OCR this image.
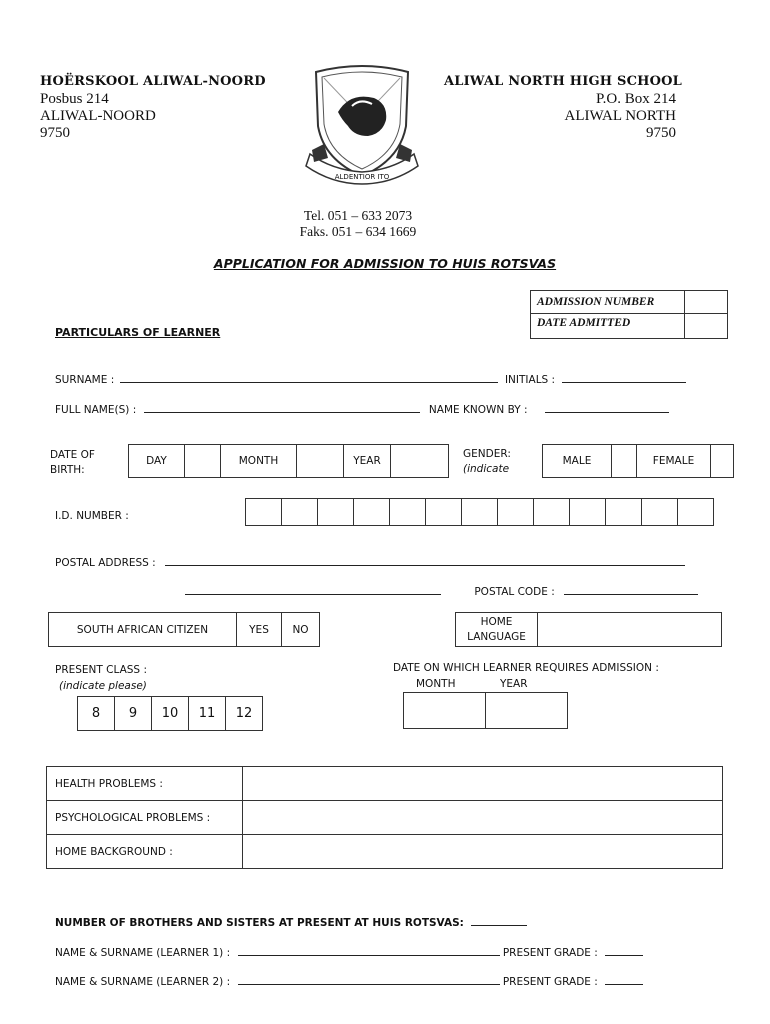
HOËRSKOOL ALIWAL-NOORD
Posbus 214
ALIWAL-NOORD
9750
ALIWAL NORTH HIGH SCHOOL
P.O. Box 214
ALIWAL NORTH
9750
ALDENTIOR ITO
Tel. 051 – 633 2073
Faks. 051 – 634 1669
APPLICATION FOR ADMISSION TO HUIS ROTSVAS
ADMISSION NUMBER	
DATE ADMITTED	
PARTICULARS OF LEARNER
SURNAME :	INITIALS :
FULL NAME(S) :	NAME KNOWN BY :
DATE OF
BIRTH:
DAY		MONTH		YEAR	
GENDER:
(indicate
MALE		FEMALE	
I.D. NUMBER :

POSTAL ADDRESS :
POSTAL CODE :
SOUTH AFRICAN CITIZEN	YES	NO
HOME
LANGUAGE

PRESENT CLASS :
(indicate please)
8	9	10	11	12
DATE ON WHICH LEARNER REQUIRES ADMISSION :
MONTH	YEAR

HEALTH PROBLEMS :	
PSYCHOLOGICAL PROBLEMS :	
HOME BACKGROUND :	
NUMBER OF BROTHERS AND SISTERS AT PRESENT AT HUIS ROTSVAS:
NAME & SURNAME (LEARNER 1) :	PRESENT GRADE :
NAME & SURNAME (LEARNER 2) :	PRESENT GRADE :
